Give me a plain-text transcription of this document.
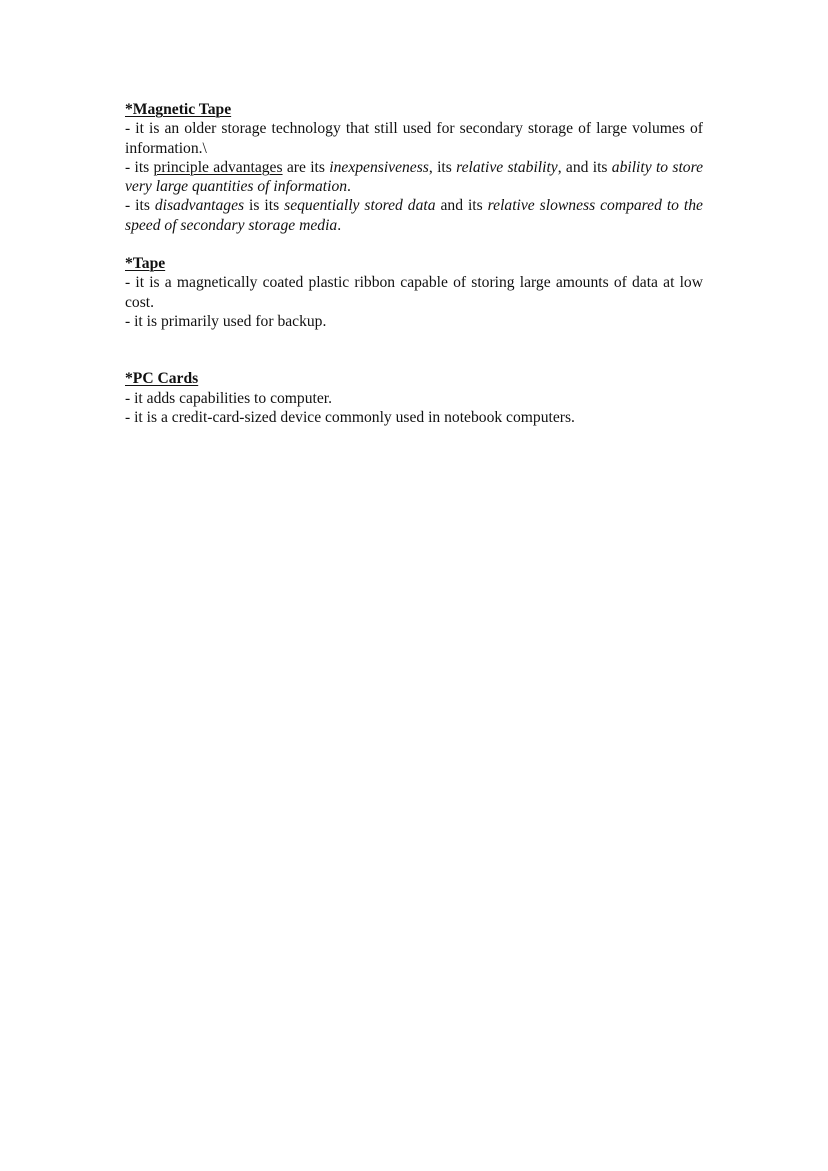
*Magnetic Tape

- it is an older storage technology that still used for secondary storage of large volumes of information.\

- its principle advantages are its inexpensiveness, its relative stability, and its ability to store very large quantities of information.

- its disadvantages is its sequentially stored data and its relative slowness compared to the speed of secondary storage media.

*Tape

- it is a magnetically coated plastic ribbon capable of storing large amounts of data at low cost.

- it is primarily used for backup.

*PC Cards

- it adds capabilities to computer.

- it is a credit-card-sized device commonly used in notebook computers.
